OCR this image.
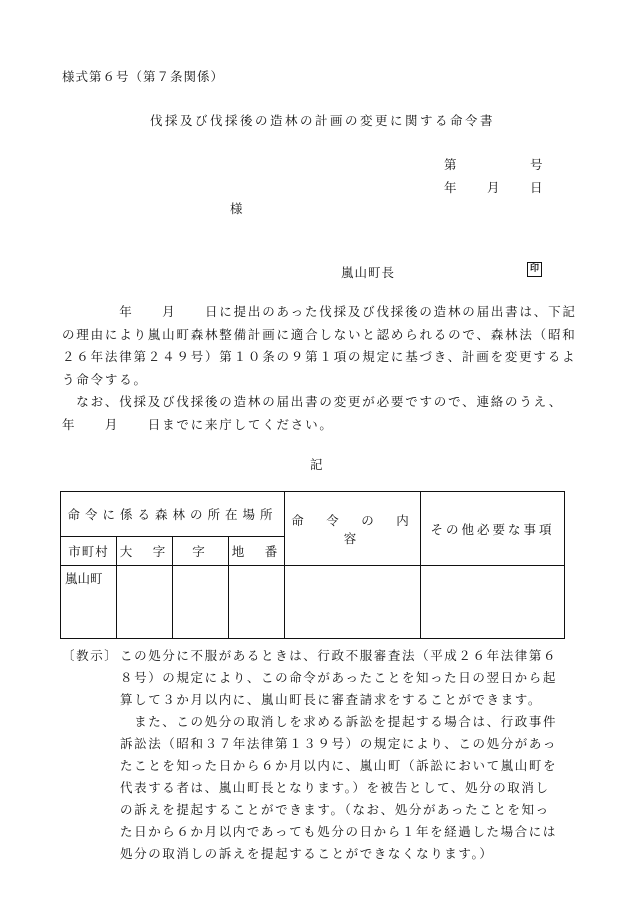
様式第６号（第７条関係）
伐採及び伐採後の造林の計画の変更に関する命令書
第	号
年 月 日
様
嵐山町長	印

　　　　年　　月　　日に提出のあった伐採及び伐採後の造林の届出書は、下記の理由により嵐山町森林整備計画に適合しないと認められるので、森林法（昭和２６年法律第２４９号）第１０条の９第１項の規定に基づき、計画を変更するよう命令する。

　なお、伐採及び伐採後の造林の届出書の変更が必要ですので、連絡のうえ、　　年　　月　　日までに来庁してください。

記
命令に係る森林の所在場所				命　令　の　内　容	その他必要な事項
市町村	大　字	字	地　番		
嵐山町					
〔教示〕 この処分に不服があるときは、行政不服審査法（平成２６年法律第６８号）の規定により、この命令があったことを知った日の翌日から起算して３か月以内に、嵐山町長に審査請求をすることができます。

　また、この処分の取消しを求める訴訟を提起する場合は、行政事件訴訟法（昭和３７年法律第１３９号）の規定により、この処分があったことを知った日から６か月以内に、嵐山町（訴訟において嵐山町を代表する者は、嵐山町長となります。）を被告として、処分の取消しの訴えを提起することができます。（なお、処分があったことを知った日から６か月以内であっても処分の日から１年を経過した場合には処分の取消しの訴えを提起することができなくなります。）
